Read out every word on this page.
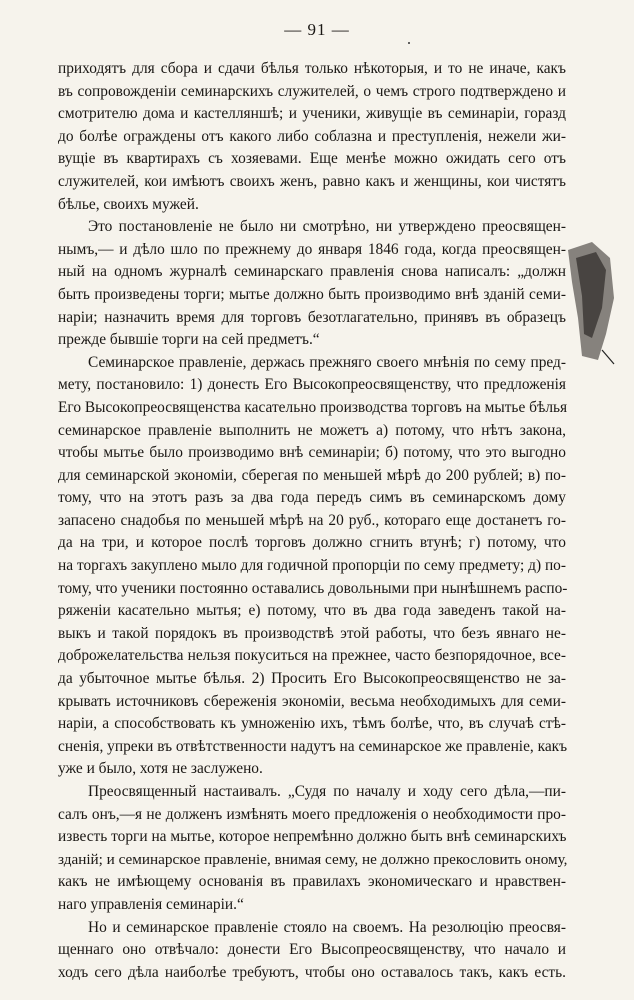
— 91 —
приходятъ для сбора и сдачи бѣлья только нѣкоторыя, и то не иначе, какъ
въ сопровожденіи семинарскихъ служителей, о чемъ строго подтверждено и
смотрителю дома и кастелляншѣ; и ученики, живущіе въ семинаріи, горазд
до болѣе ограждены отъ какого либо соблазна и преступленія, нежели жи-
вущіе въ квартирахъ съ хозяевами. Еще менѣе можно ожидать сего отъ
служителей, кои имѣютъ своихъ женъ, равно какъ и женщины, кои чистятъ
бѣлье, своихъ мужей.
Это постановленіе не было ни смотрѣно, ни утверждено преосвящен-
нымъ,— и дѣло шло по прежнему до января 1846 года, когда преосвящен-
ный на одномъ журналѣ семинарскаго правленія снова написалъ: „должн
быть произведены торги; мытье должно быть производимо внѣ зданій семи-
наріи; назначить время для торговъ безотлагательно, принявъ въ образецъ
прежде бывшіе торги на сей предметъ.“
Семинарское правленіе, держась прежняго своего мнѣнія по сему пред-
мету, постановило: 1) донесть Его Высокопреосвященству, что предложенія
Его Высокопреосвященства касательно производства торговъ на мытье бѣлья
семинарское правленіе выполнить не можетъ а) потому, что нѣтъ закона,
чтобы мытье было производимо внѣ семинаріи; б) потому, что это выгодно
для семинарской экономіи, сберегая по меньшей мѣрѣ до 200 рублей; в) по-
тому, что на этотъ разъ за два года передъ симъ въ семинарскомъ дому
запасено снадобья по меньшей мѣрѣ на 20 руб., котораго еще достанетъ го-
да на три, и которое послѣ торговъ должно сгнить втунѣ; г) потому, что
на торгахъ закуплено мыло для годичной пропорціи по сему предмету; д) по-
тому, что ученики постоянно оставались довольными при нынѣшнемъ распо-
ряженіи касательно мытья; е) потому, что въ два года заведенъ такой на-
выкъ и такой порядокъ въ производствѣ этой работы, что безъ явнаго не-
доброжелательства нельзя покуситься на прежнее, часто безпорядочное, все-
да убыточное мытье бѣлья. 2) Просить Его Высокопреосвященство не за-
крывать источниковъ сбереженія экономіи, весьма необходимыхъ для семи-
наріи, а способствовать къ умноженію ихъ, тѣмъ болѣе, что, въ случаѣ стѣ-
сненія, упреки въ отвѣтственности надутъ на семинарское же правленіе, какъ
уже и было, хотя не заслужено.
Преосвященный настаивалъ. „Судя по началу и ходу сего дѣла,—пи-
салъ онъ,—я не долженъ измѣнять моего предложенія о необходимости про-
известь торги на мытье, которое непремѣнно должно быть внѣ семинарскихъ
зданій; и семинарское правленіе, внимая сему, не должно прекословить оному,
какъ не имѣющему основанія въ правилахъ экономическаго и нравствен-
наго управленія семинаріи.“
Но и семинарское правленіе стояло на своемъ. На резолюцію преосвя-
щеннаго оно отвѣчало: донести Его Высопреосвященству, что начало и
ходъ сего дѣла наиболѣе требуютъ, чтобы оно оставалось такъ, какъ есть.
